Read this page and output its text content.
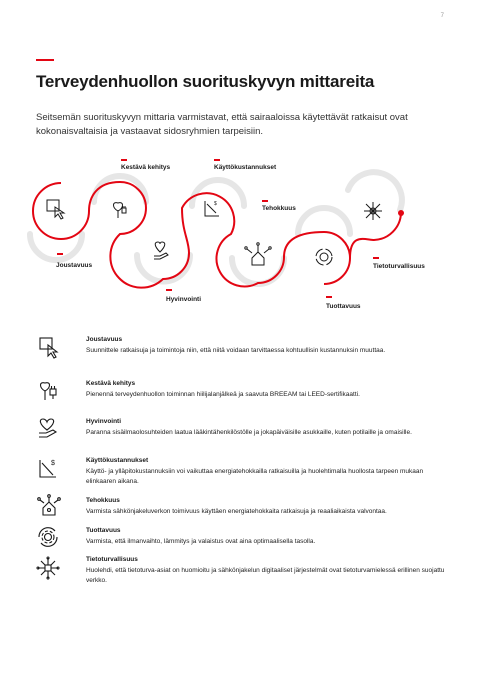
7
Terveydenhuollon suorituskyvyn mittareita
Seitsemän suorituskyvyn mittaria varmistavat, että sairaaloissa käytettävät ratkaisut ovat kokonaisvaltaisia ja vastaavat sidosryhmien tarpeisiin.
$
Joustavuus
Kestävä kehitys
Hyvinvointi
Käyttökustannukset
Tehokkuus
Tuottavuus
Tietoturvallisuus
Joustavuus
Suunnittele ratkaisuja ja toimintoja niin, että niitä voidaan tarvittaessa kohtuullisin kustannuksin muuttaa.
Kestävä kehitys
Pienennä terveydenhuollon toiminnan hiilijalanjälkeä ja saavuta BREEAM tai LEED-sertifikaatti.
Hyvinvointi
Paranna sisäilmaolosuhteiden laatua lääkintähenkilöstölle ja jokapäiväisille asukkaille, kuten potilaille ja omaisille.
$	Käyttökustannukset
Käyttö- ja ylläpitokustannuksiin voi vaikuttaa energiatehokkailla ratkaisuilla ja huolehtimalla huollosta tarpeen mukaan elinkaaren aikana.
Tehokkuus
Varmista sähkönjakeluverkon toimivuus käyttäen energiatehokkaita ratkaisuja ja reaaliaikaista valvontaa.
Tuottavuus
Varmista, että ilmanvaihto, lämmitys ja valaistus ovat aina optimaalisella tasolla.
Tietoturvallisuus
Huolehdi, että tietoturva-asiat on huomioitu ja sähkönjakelun digitaaliset järjestelmät ovat tietoturvamielessä erillinen suojattu verkko.
